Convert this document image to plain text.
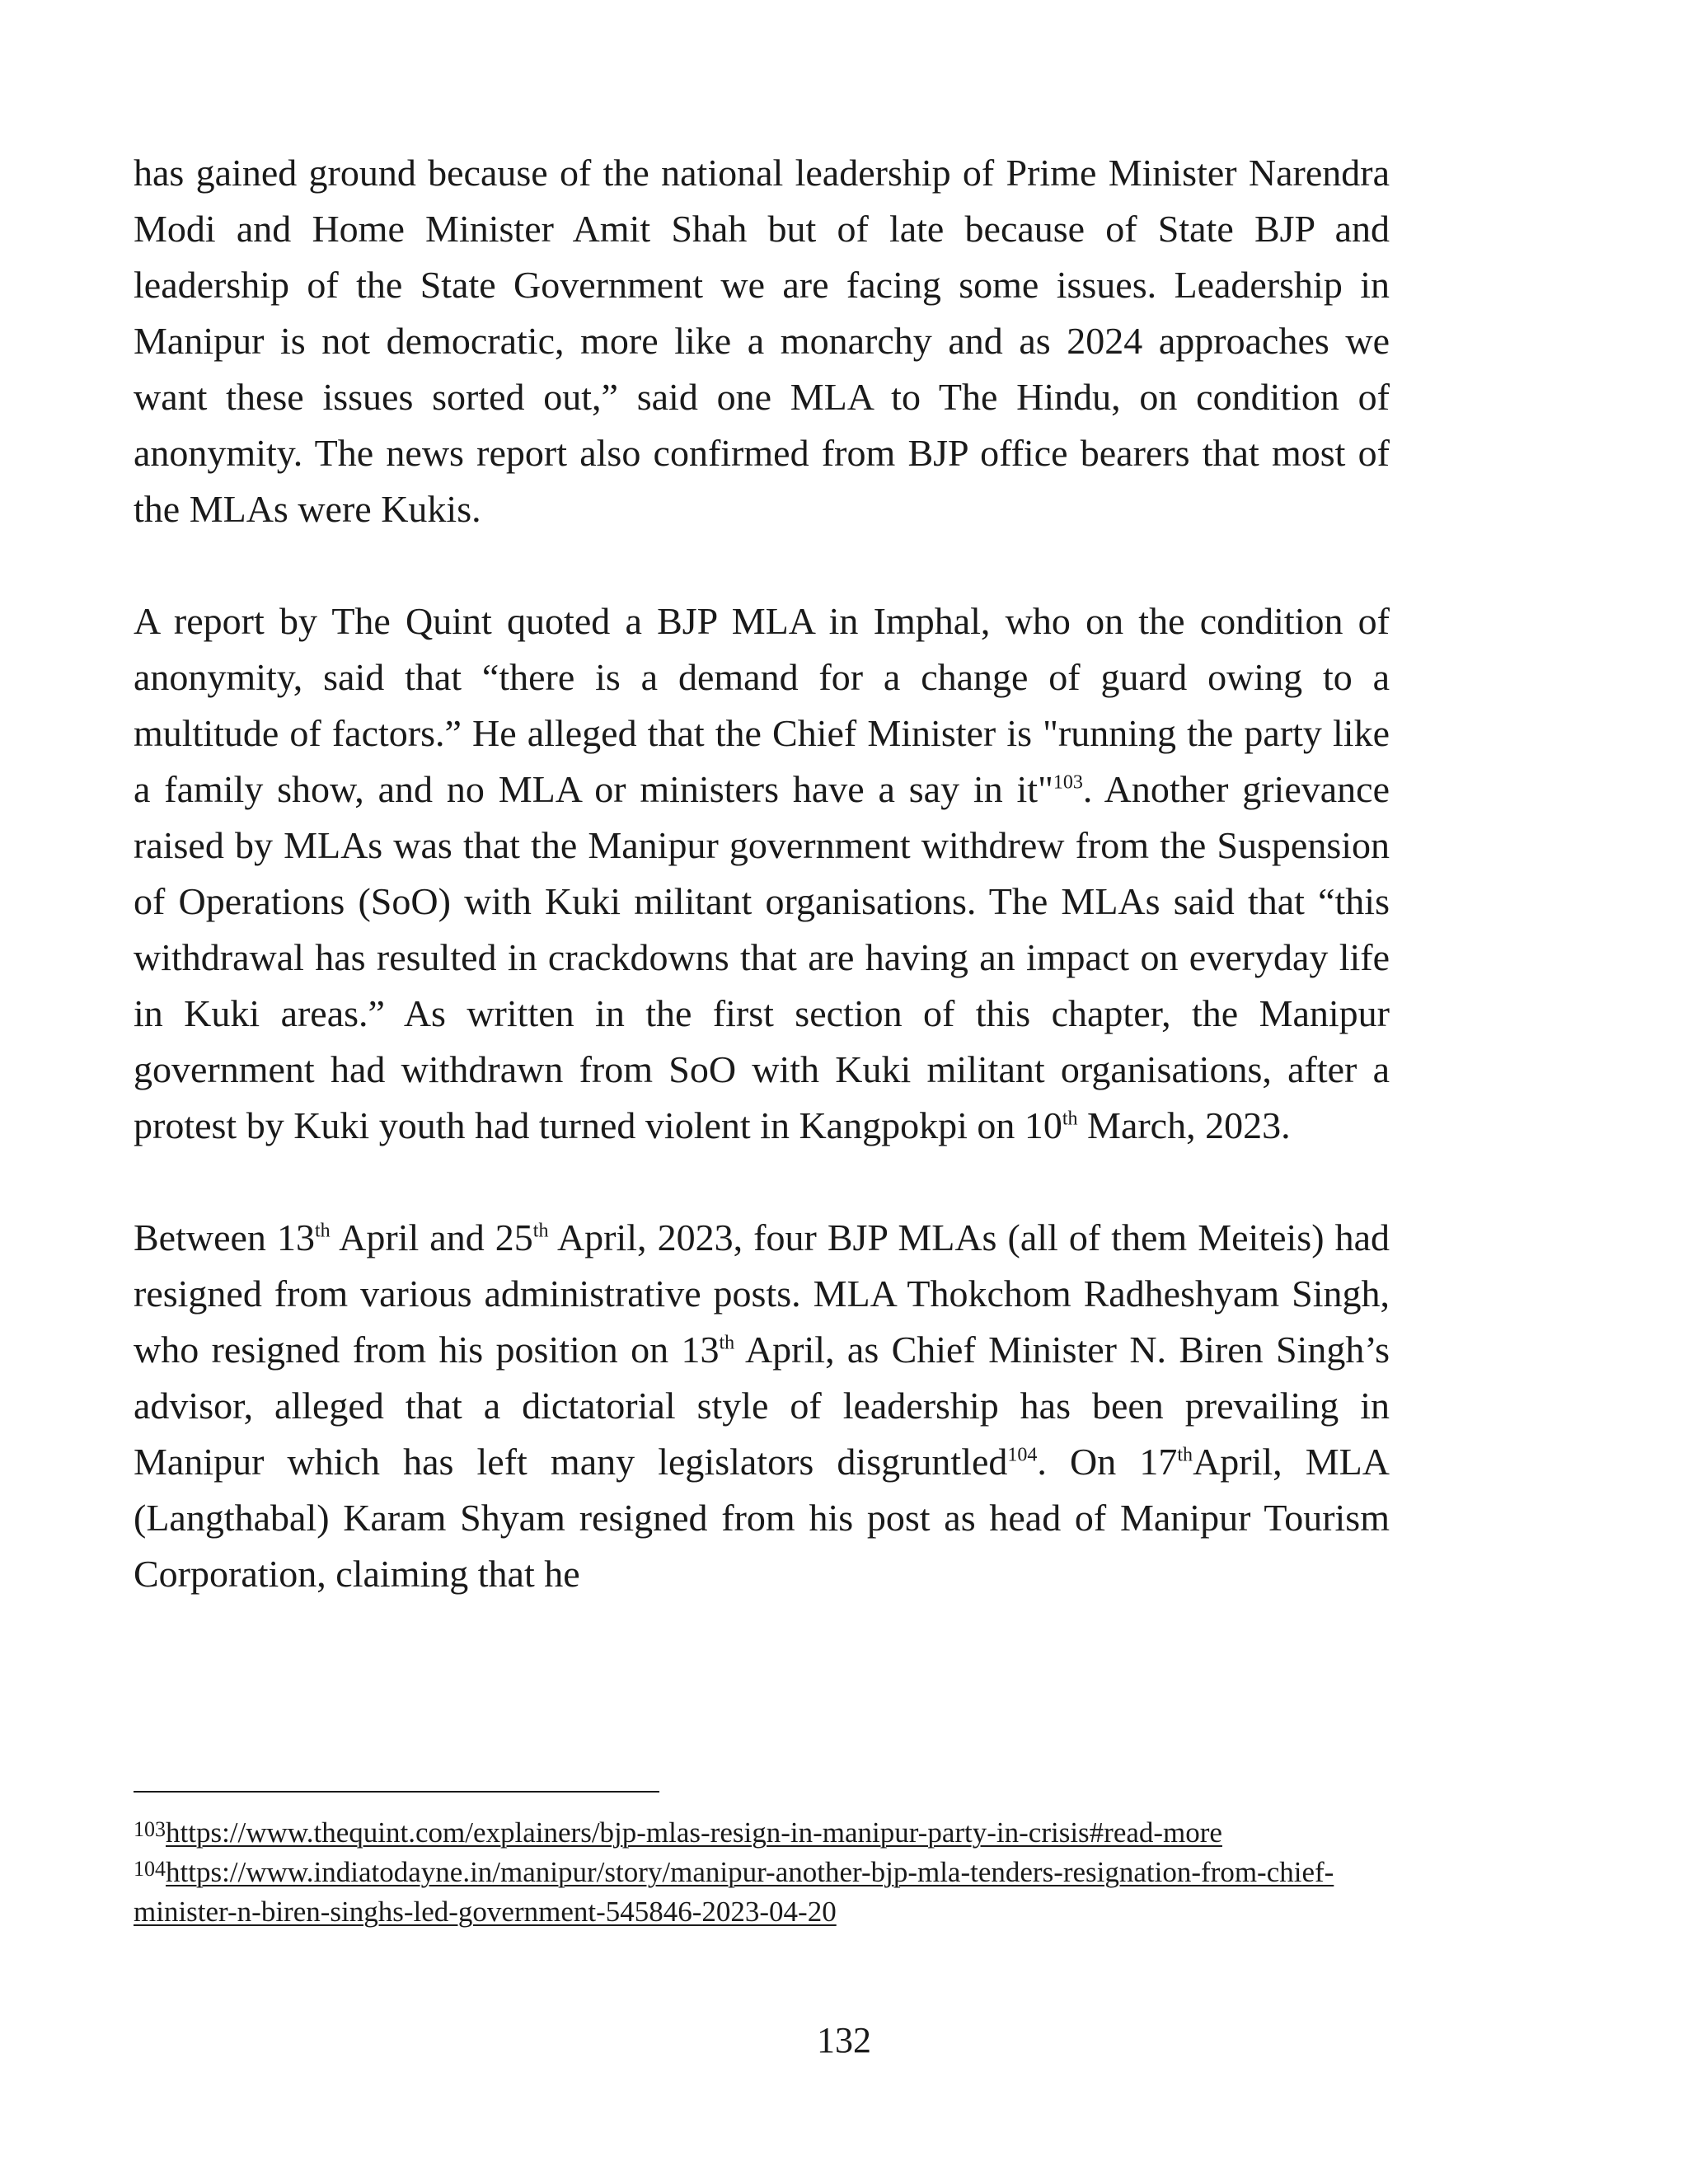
has gained ground because of the national leadership of Prime Minister Narendra Modi and Home Minister Amit Shah but of late because of State BJP and leadership of the State Government we are facing some issues. Leadership in Manipur is not democratic, more like a monarchy and as 2024 approaches we want these issues sorted out,” said one MLA to The Hindu, on condition of anonymity. The news report also confirmed from BJP office bearers that most of the MLAs were Kukis.

A report by The Quint quoted a BJP MLA in Imphal, who on the condition of anonymity, said that “there is a demand for a change of guard owing to a multitude of factors.” He alleged that the Chief Minister is "running the party like a family show, and no MLA or ministers have a say in it"$^{103}$. Another grievance raised by MLAs was that the Manipur government withdrew from the Suspension of Operations (SoO) with Kuki militant organisations. The MLAs said that “this withdrawal has resulted in crackdowns that are having an impact on everyday life in Kuki areas.” As written in the first section of this chapter, the Manipur government had withdrawn from SoO with Kuki militant organisations, after a protest by Kuki youth had turned violent in Kangpokpi on 10th March, 2023.

Between 13th April and 25th April, 2023, four BJP MLAs (all of them Meiteis) had resigned from various administrative posts. MLA Thokchom Radheshyam Singh, who resigned from his position on 13th April, as Chief Minister N. Biren Singh’s advisor, alleged that a dictatorial style of leadership has been prevailing in Manipur which has left many legislators disgruntled$^{104}$. On 17thApril, MLA (Langthabal) Karam Shyam resigned from his post as head of Manipur Tourism Corporation, claiming that he

$^{103}$https://www.thequint.com/explainers/bjp-mlas-resign-in-manipur-party-in-crisis#read-more

$^{104}$https://www.indiatodayne.in/manipur/story/manipur-another-bjp-mla-tenders-resignation-from-chief-minister-n-biren-singhs-led-government-545846-2023-04-20

132
